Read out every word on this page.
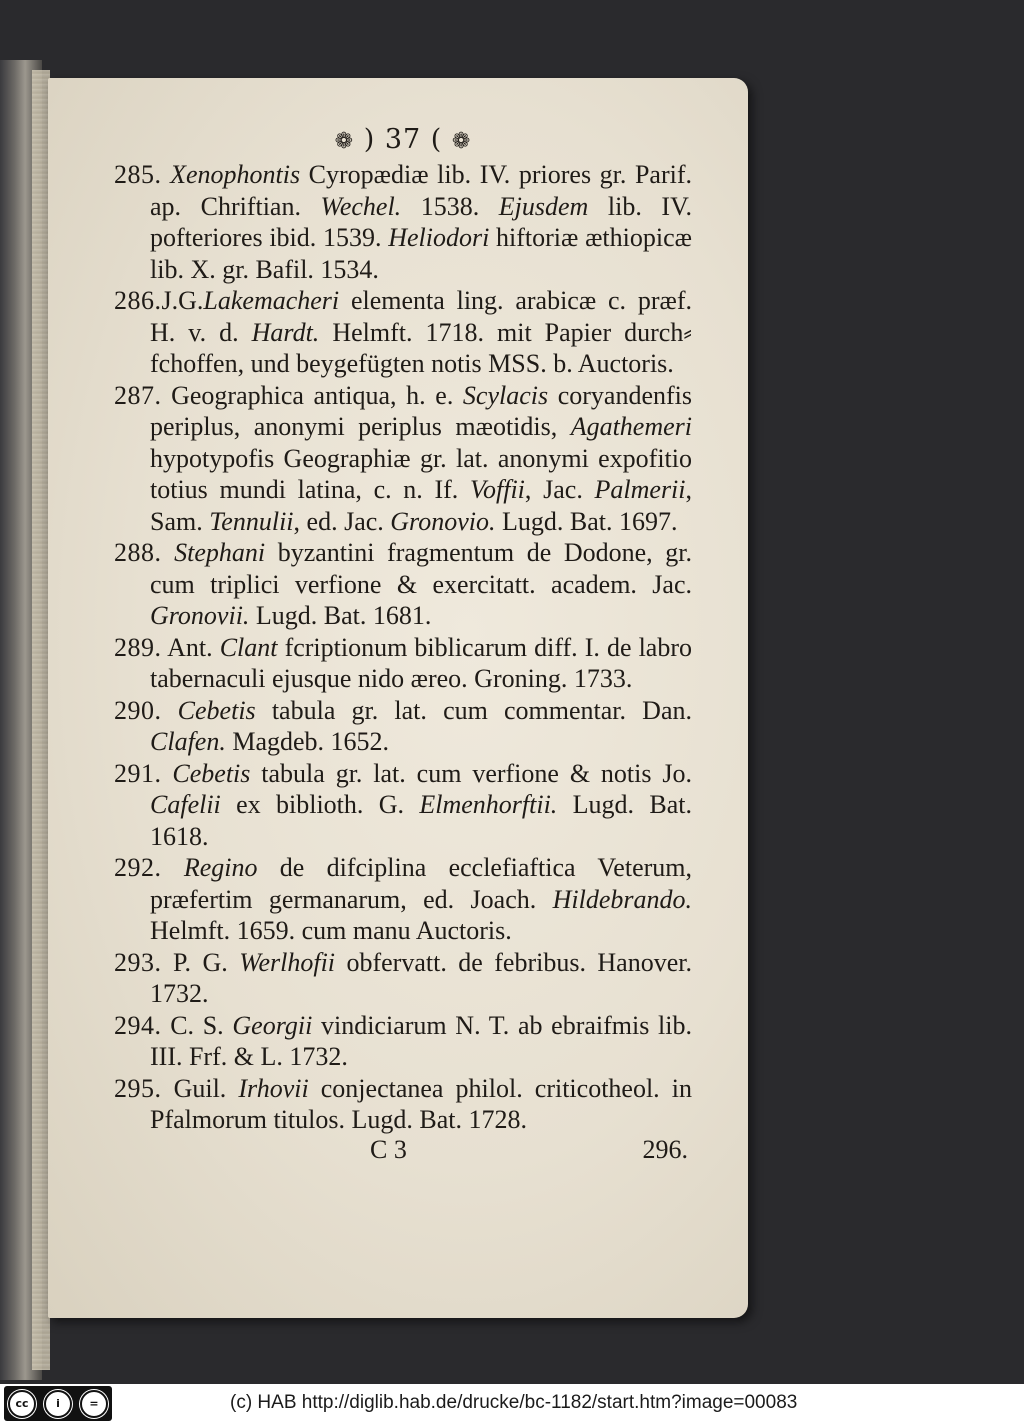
❁ ) 37 ( ❁

285. Xenophontis Cyropædiæ lib. IV. priores gr. Parif. ap. Chriftian. Wechel. 1538. Ejusdem lib. IV. pofteriores ibid. 1539. Heliodori hiftoriæ æthiopicæ lib. X. gr. Bafil. 1534.

286.J.G.Lakemacheri elementa ling. arabicæ c. præf. H. v. d. Hardt. Helmft. 1718. mit Papier durch⸗ fchoffen, und beygefügten notis MSS. b. Auctoris.

287. Geographica antiqua, h. e. Scylacis coryandenfis periplus, anonymi periplus mæotidis, Agathemeri hypotypofis Geographiæ gr. lat. anonymi expofitio totius mundi latina, c. n. If. Voffii, Jac. Palmerii, Sam. Tennulii, ed. Jac. Gronovio. Lugd. Bat. 1697.

288. Stephani byzantini fragmentum de Dodone, gr. cum triplici verfione & exercitatt. academ. Jac. Gronovii. Lugd. Bat. 1681.

289. Ant. Clant fcriptionum biblicarum diff. I. de labro tabernaculi ejusque nido æreo. Groning. 1733.

290. Cebetis tabula gr. lat. cum commentar. Dan. Clafen. Magdeb. 1652.

291. Cebetis tabula gr. lat. cum verfione & notis Jo. Cafelii ex biblioth. G. Elmenhorftii. Lugd. Bat. 1618.

292. Regino de difciplina ecclefiaftica Veterum, præfertim germanarum, ed. Joach. Hildebrando. Helmft. 1659. cum manu Auctoris.

293. P. G. Werlhofii obfervatt. de febribus. Hanover. 1732.

294. C. S. Georgii vindiciarum N. T. ab ebraifmis lib. III. Frf. & L. 1732.

295. Guil. Irhovii conjectanea philol. criticotheol. in Pfalmorum titulos. Lugd. Bat. 1728.

C 3	296.
cc	i	=	(c) HAB http://diglib.hab.de/drucke/bc-1182/start.htm?image=00083
